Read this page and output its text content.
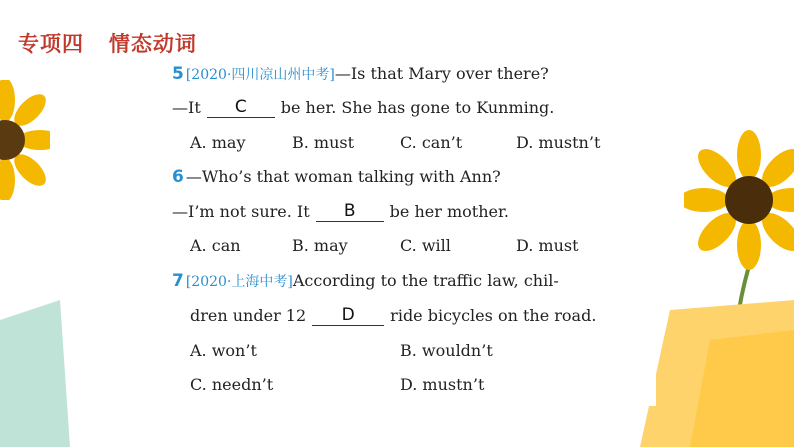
专项四   情态动词
5 [2020·四川凉山州中考]—Is that Mary over there?
—It	C	be her. She has gone to Kunming.
A. may	B. must	C. can’t	D. mustn’t
6 —Who’s that woman talking with Ann?
—I’m not sure. It	B	be her mother.
A. can	B. may	C. will	D. must
7 [2020·上海中考]According to the traffic law, chil-
dren under 12	D	ride bicycles on the road.
A. won’t	B. wouldn’t
C. needn’t	D. mustn’t
